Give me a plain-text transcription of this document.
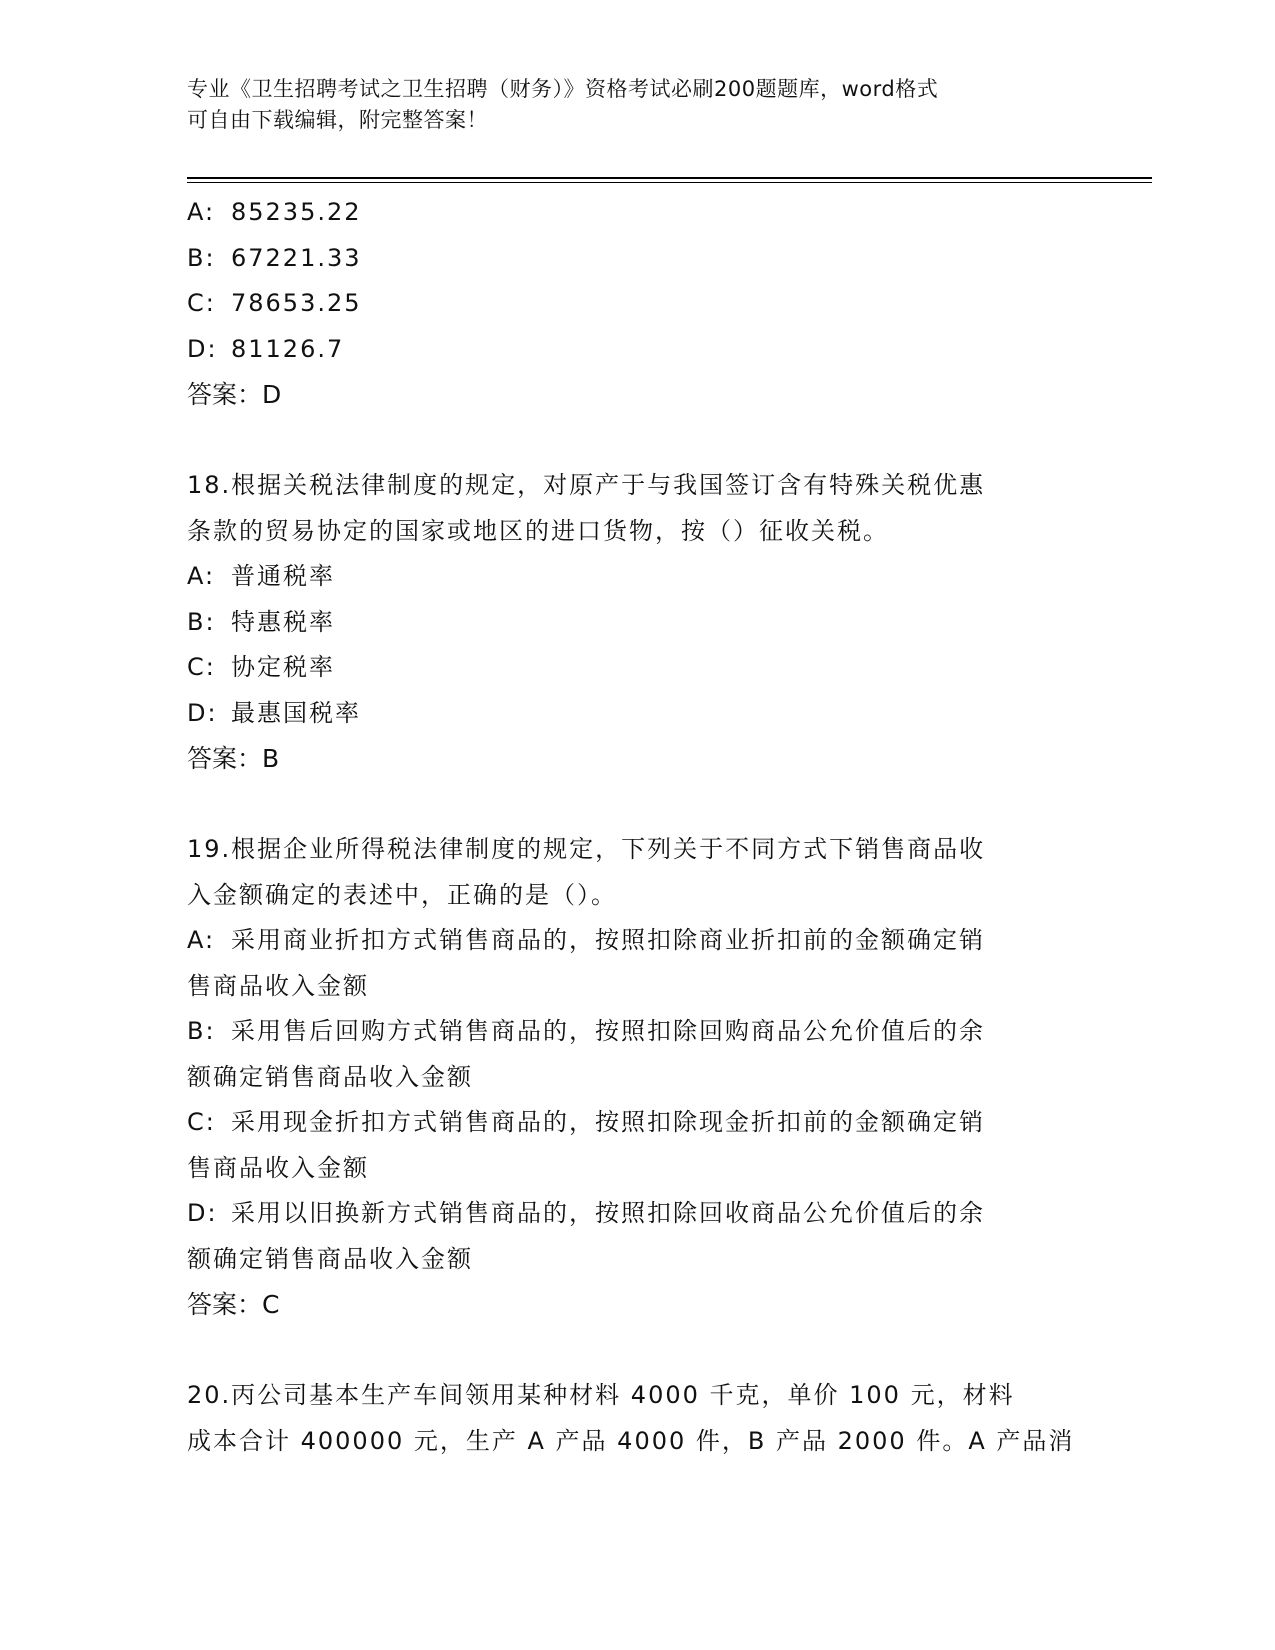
专业《卫生招聘考试之卫生招聘（财务）》资格考试必刷200题题库，word格式
可自由下载编辑，附完整答案！
A: 85235.22
B: 67221.33
C: 78653.25
D: 81126.7
答案：D
18.根据关税法律制度的规定，对原产于与我国签订含有特殊关税优惠
条款的贸易协定的国家或地区的进口货物，按（）征收关税。
A: 普通税率
B: 特惠税率
C: 协定税率
D: 最惠国税率
答案：B
19.根据企业所得税法律制度的规定，下列关于不同方式下销售商品收
入金额确定的表述中，正确的是（）。
A: 采用商业折扣方式销售商品的，按照扣除商业折扣前的金额确定销
售商品收入金额
B: 采用售后回购方式销售商品的，按照扣除回购商品公允价值后的余
额确定销售商品收入金额
C: 采用现金折扣方式销售商品的，按照扣除现金折扣前的金额确定销
售商品收入金额
D: 采用以旧换新方式销售商品的，按照扣除回收商品公允价值后的余
额确定销售商品收入金额
答案：C
20.丙公司基本生产车间领用某种材料 4000 千克，单价 100 元，材料
成本合计 400000 元，生产 A 产品 4000 件，B 产品 2000 件。A 产品消
